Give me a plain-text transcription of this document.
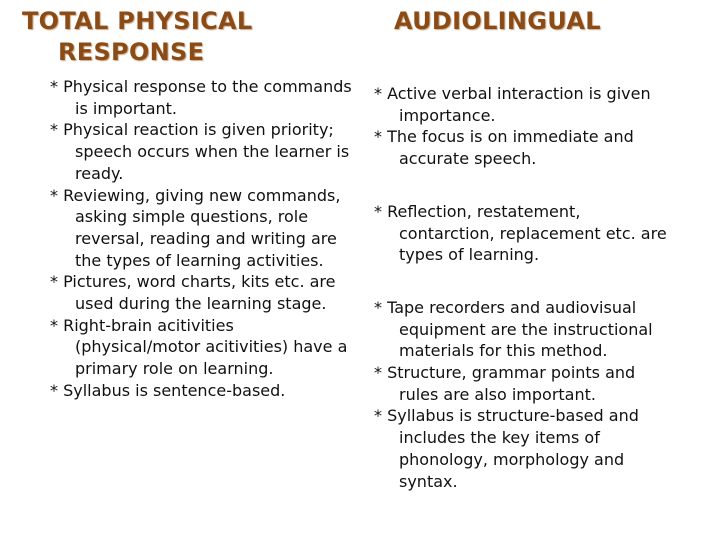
TOTAL PHYSICAL
RESPONSE
AUDIOLINGUAL
* Physical response to the commands is important.
* Physical reaction is given priority; speech occurs when the learner is ready.
* Reviewing, giving new commands, asking simple questions, role reversal, reading and writing are the types of learning activities.
* Pictures, word charts, kits etc. are used during the learning stage.
* Right-brain acitivities (physical/motor acitivities) have a primary role on learning.
* Syllabus is sentence-based.
* Active verbal interaction is given importance.
* The focus is on immediate and accurate speech.
* Reflection, restatement, contarction, replacement etc. are types of learning.
* Tape recorders and audiovisual equipment are the instructional materials for this method.
* Structure, grammar points and rules are also important.
* Syllabus is structure-based and includes the key items of phonology, morphology and syntax.
